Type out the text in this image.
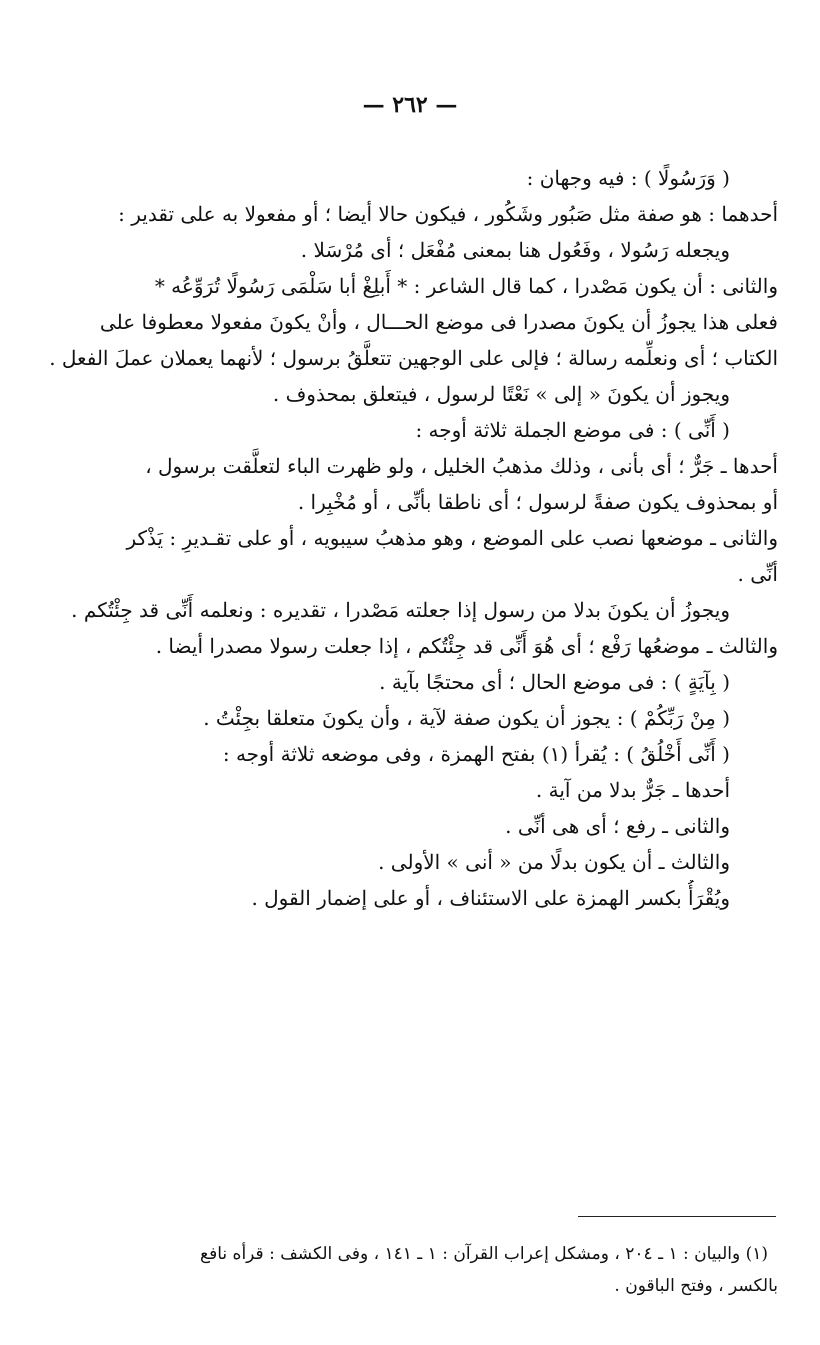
— ٢٦٢ —
( وَرَسُولًا ) : فيه وجهان :
أحدهما : هو صفة مثل صَبُور وشَكُور ، فيكون حالا أيضا ؛ أو مفعولا به على تقدير :
ويجعله رَسُولا ، وفَعُول هنا بمعنى مُفْعَل ؛ أى مُرْسَلا .
والثانى : أن يكون مَصْدرا ، كما قال الشاعر : * أَبلِغْ أبا سَلْمَى رَسُولًا تُرَوِّعُه *
فعلى هذا يجوزُ أن يكونَ مصدرا فى موضع الحـــال ، وأنْ يكونَ مفعولا معطوفا على
الكتاب ؛ أى ونعلِّمه رسالة ؛ فإلى على الوجهين تتعلَّقُ برسول ؛ لأنهما يعملان عملَ الفعل .
ويجوز أن يكونَ « إلى » نَعْتًا لرسول ، فيتعلق بمحذوف .
( أَنِّى ) : فى موضع الجملة ثلاثة أوجه :
أحدها ـ جَرٌّ ؛ أى بأنى ، وذلك مذهبُ الخليل ، ولو ظهرت الباء لتعلَّقت برسول ،
أو بمحذوف يكون صفةً لرسول ؛ أى ناطقا بأنِّى ، أو مُخْبِرا .
والثانى ـ موضعها نصب على الموضع ، وهو مذهبُ سيبويه ، أو على تقـديرِ : يَذْكر
أنِّى .
ويجوزُ أن يكونَ بدلا من رسول إذا جعلته مَصْدرا ، تقديره : ونعلمه أَنِّى قد جِئْتُكم .
والثالث ـ موضعُها رَفْع ؛ أى هُوَ أَنِّى قد جِئْتُكم ، إذا جعلت رسولا مصدرا أيضا .
( بِآيَةٍ ) : فى موضع الحال ؛ أى محتجًا بآية .
( مِنْ رَبِّكُمْ ) : يجوز أن يكون صفة لآية ، وأن يكونَ متعلقا بجِئْتُ .
( أَنِّى أَخْلُقُ ) : يُقرأ (١) بفتح الهمزة ، وفى موضعه ثلاثة أوجه :
أحدها ـ جَرٌّ بدلا من آية .
والثانى ـ رفع ؛ أى هى أنِّى .
والثالث ـ أن يكون بدلًا من « أنى » الأولى .
ويُقْرَأُ بكسر الهمزة على الاستئناف ، أو على إضمار القول .
(١) والبيان : ١ ـ ٢٠٤ ، ومشكل إعراب القرآن : ١ ـ ١٤١ ، وفى الكشف : قرأه نافع
بالكسر ، وفتح الباقون .
